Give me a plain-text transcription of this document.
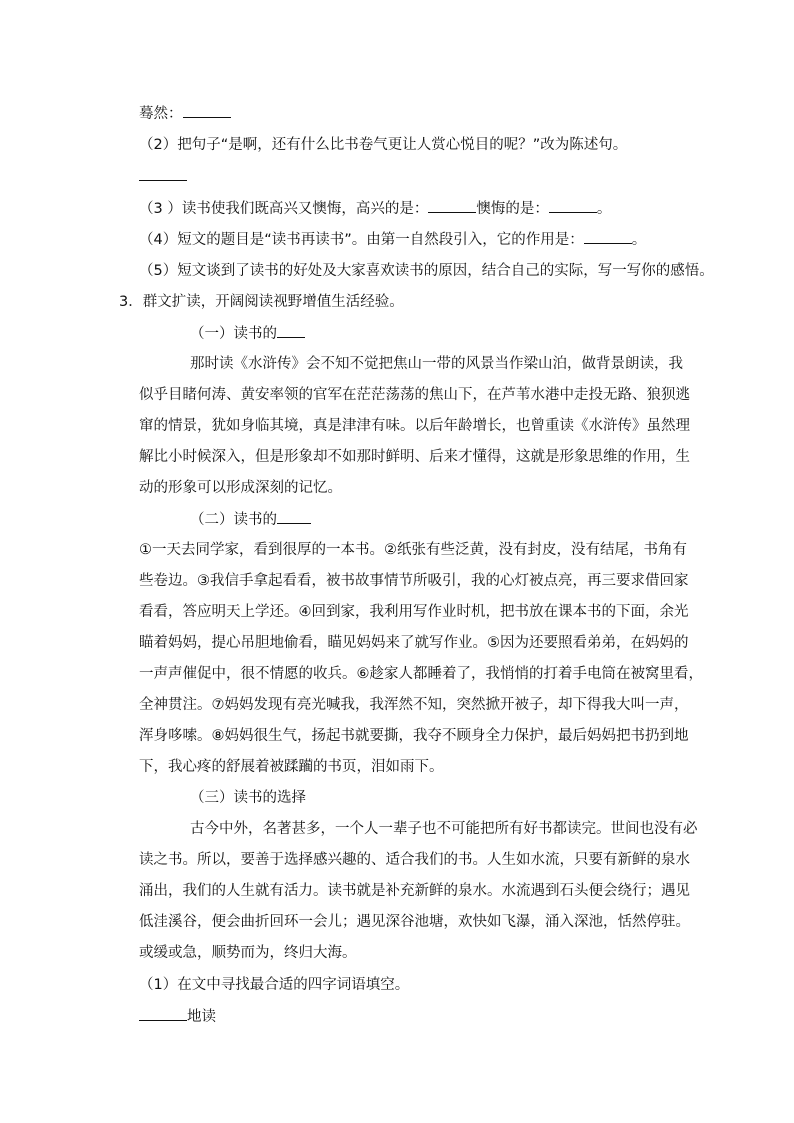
蓦然：
（2）把句子“是啊，还有什么比书卷气更让人赏心悦目的呢？”改为陈述句。
（3 ）读书使我们既高兴又懊悔，高兴的是：	懊悔的是：	。
（4）短文的题目是“读书再读书”。由第一自然段引入，它的作用是：	。
（5）短文谈到了读书的好处及大家喜欢读书的原因，结合自己的实际，写一写你的感悟。
3．群文扩读，开阔阅读视野增值生活经验。
（一）读书的
那时读《水浒传》会不知不觉把焦山一带的风景当作梁山泊，做背景朗读，我
似乎目睹何涛、黄安率领的官军在茫茫荡荡的焦山下，在芦苇水港中走投无路、狼狈逃
窜的情景，犹如身临其境，真是津津有味。以后年龄增长，也曾重读《水浒传》虽然理
解比小时候深入，但是形象却不如那时鲜明、后来才懂得，这就是形象思维的作用，生
动的形象可以形成深刻的记忆。
（二）读书的
①一天去同学家，看到很厚的一本书。②纸张有些泛黄，没有封皮，没有结尾，书角有
些卷边。③我信手拿起看看，被书故事情节所吸引，我的心灯被点亮，再三要求借回家
看看，答应明天上学还。④回到家，我利用写作业时机，把书放在课本书的下面，余光
瞄着妈妈，提心吊胆地偷看，瞄见妈妈来了就写作业。⑤因为还要照看弟弟，在妈妈的
一声声催促中，很不情愿的收兵。⑥趁家人都睡着了，我悄悄的打着手电筒在被窝里看，
全神贯注。⑦妈妈发现有亮光喊我，我浑然不知，突然掀开被子，却下得我大叫一声，
浑身哆嗦。⑧妈妈很生气，扬起书就要撕，我夺不顾身全力保护，最后妈妈把书扔到地
下，我心疼的舒展着被蹂躏的书页，泪如雨下。
（三）读书的选择
古今中外，名著甚多，一个人一辈子也不可能把所有好书都读完。世间也没有必
读之书。所以，要善于选择感兴趣的、适合我们的书。人生如水流，只要有新鲜的泉水
涌出，我们的人生就有活力。读书就是补充新鲜的泉水。水流遇到石头便会绕行；遇见
低洼溪谷，便会曲折回环一会儿；遇见深谷池塘，欢快如飞瀑，涌入深池，恬然停驻。
或缓或急，顺势而为，终归大海。
（1）在文中寻找最合适的四字词语填空。
地读
